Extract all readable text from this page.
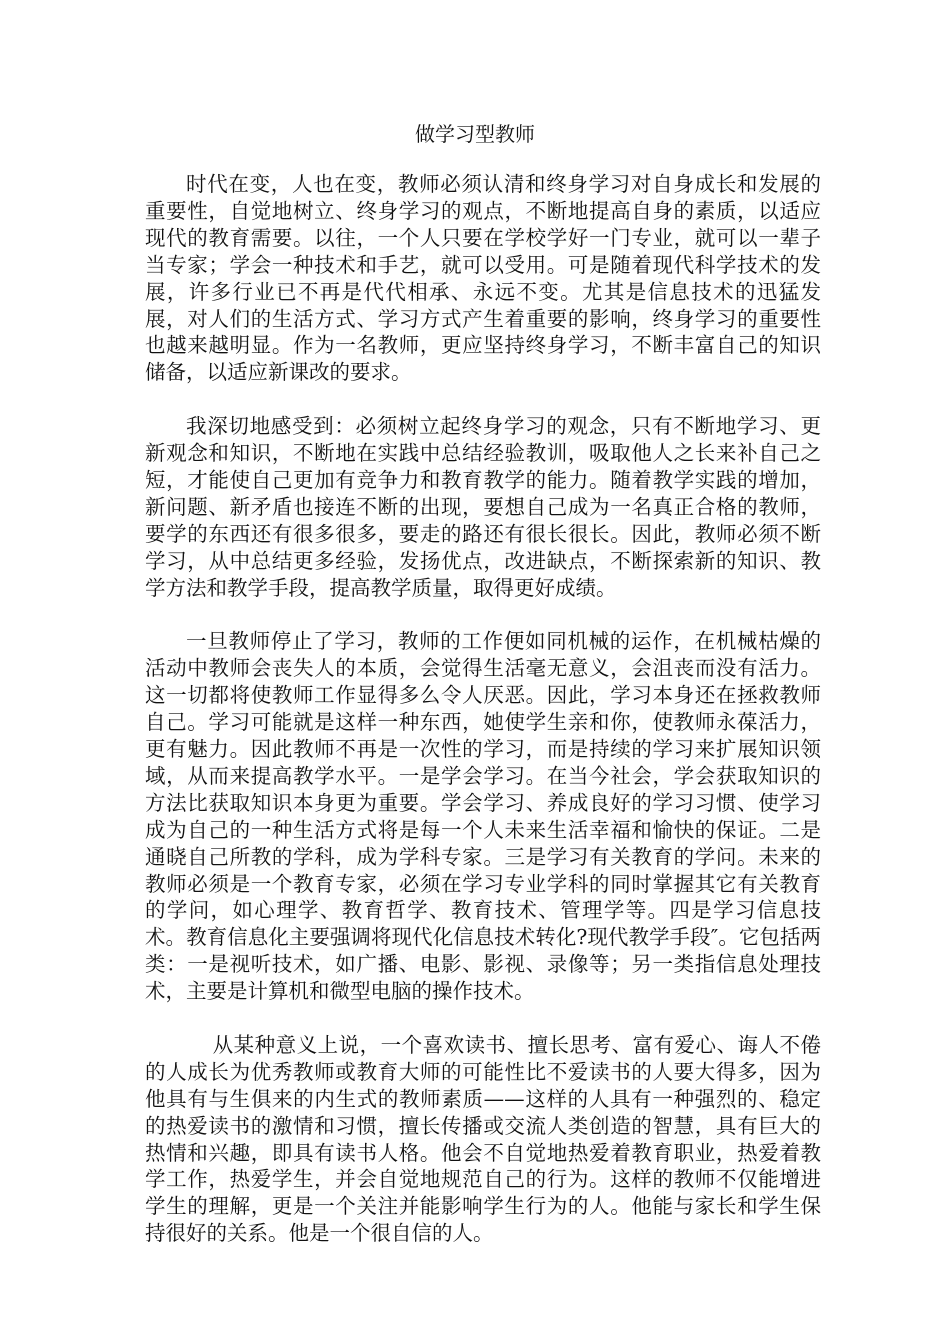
做学习型教师

时代在变，人也在变，教师必须认清和终身学习对自身成长和发展的重要性，自觉地树立、终身学习的观点，不断地提高自身的素质，以适应现代的教育需要。以往，一个人只要在学校学好一门专业，就可以一辈子当专家；学会一种技术和手艺，就可以受用。可是随着现代科学技术的发展，许多行业已不再是代代相承、永远不变。尤其是信息技术的迅猛发展，对人们的生活方式、学习方式产生着重要的影响，终身学习的重要性也越来越明显。作为一名教师，更应坚持终身学习，不断丰富自己的知识储备，以适应新课改的要求。

我深切地感受到：必须树立起终身学习的观念，只有不断地学习、更新观念和知识，不断地在实践中总结经验教训，吸取他人之长来补自己之短，才能使自己更加有竞争力和教育教学的能力。随着教学实践的增加，新问题、新矛盾也接连不断的出现，要想自己成为一名真正合格的教师，要学的东西还有很多很多，要走的路还有很长很长。因此，教师必须不断学习，从中总结更多经验，发扬优点，改进缺点，不断探索新的知识、教学方法和教学手段，提高教学质量，取得更好成绩。

一旦教师停止了学习，教师的工作便如同机械的运作，在机械枯燥的活动中教师会丧失人的本质，会觉得生活毫无意义，会沮丧而没有活力。这一切都将使教师工作显得多么令人厌恶。因此，学习本身还在拯救教师自己。学习可能就是这样一种东西，她使学生亲和你，使教师永葆活力，更有魅力。因此教师不再是一次性的学习，而是持续的学习来扩展知识领域，从而来提高教学水平。一是学会学习。在当今社会，学会获取知识的方法比获取知识本身更为重要。学会学习、养成良好的学习习惯、使学习成为自己的一种生活方式将是每一个人未来生活幸福和愉快的保证。二是通晓自己所教的学科，成为学科专家。三是学习有关教育的学问。未来的教师必须是一个教育专家，必须在学习专业学科的同时掌握其它有关教育的学问，如心理学、教育哲学、教育技术、管理学等。四是学习信息技术。教育信息化主要强调将现代化信息技术转化?现代教学手段″。它包括两类：一是视听技术，如广播、电影、影视、录像等；另一类指信息处理技术，主要是计算机和微型电脑的操作技术。

从某种意义上说，一个喜欢读书、擅长思考、富有爱心、诲人不倦的人成长为优秀教师或教育大师的可能性比不爱读书的人要大得多，因为他具有与生俱来的内生式的教师素质——这样的人具有一种强烈的、稳定的热爱读书的激情和习惯，擅长传播或交流人类创造的智慧，具有巨大的热情和兴趣，即具有读书人格。他会不自觉地热爱着教育职业，热爱着教学工作，热爱学生，并会自觉地规范自己的行为。这样的教师不仅能增进学生的理解，更是一个关注并能影响学生行为的人。他能与家长和学生保持很好的关系。他是一个很自信的人。
